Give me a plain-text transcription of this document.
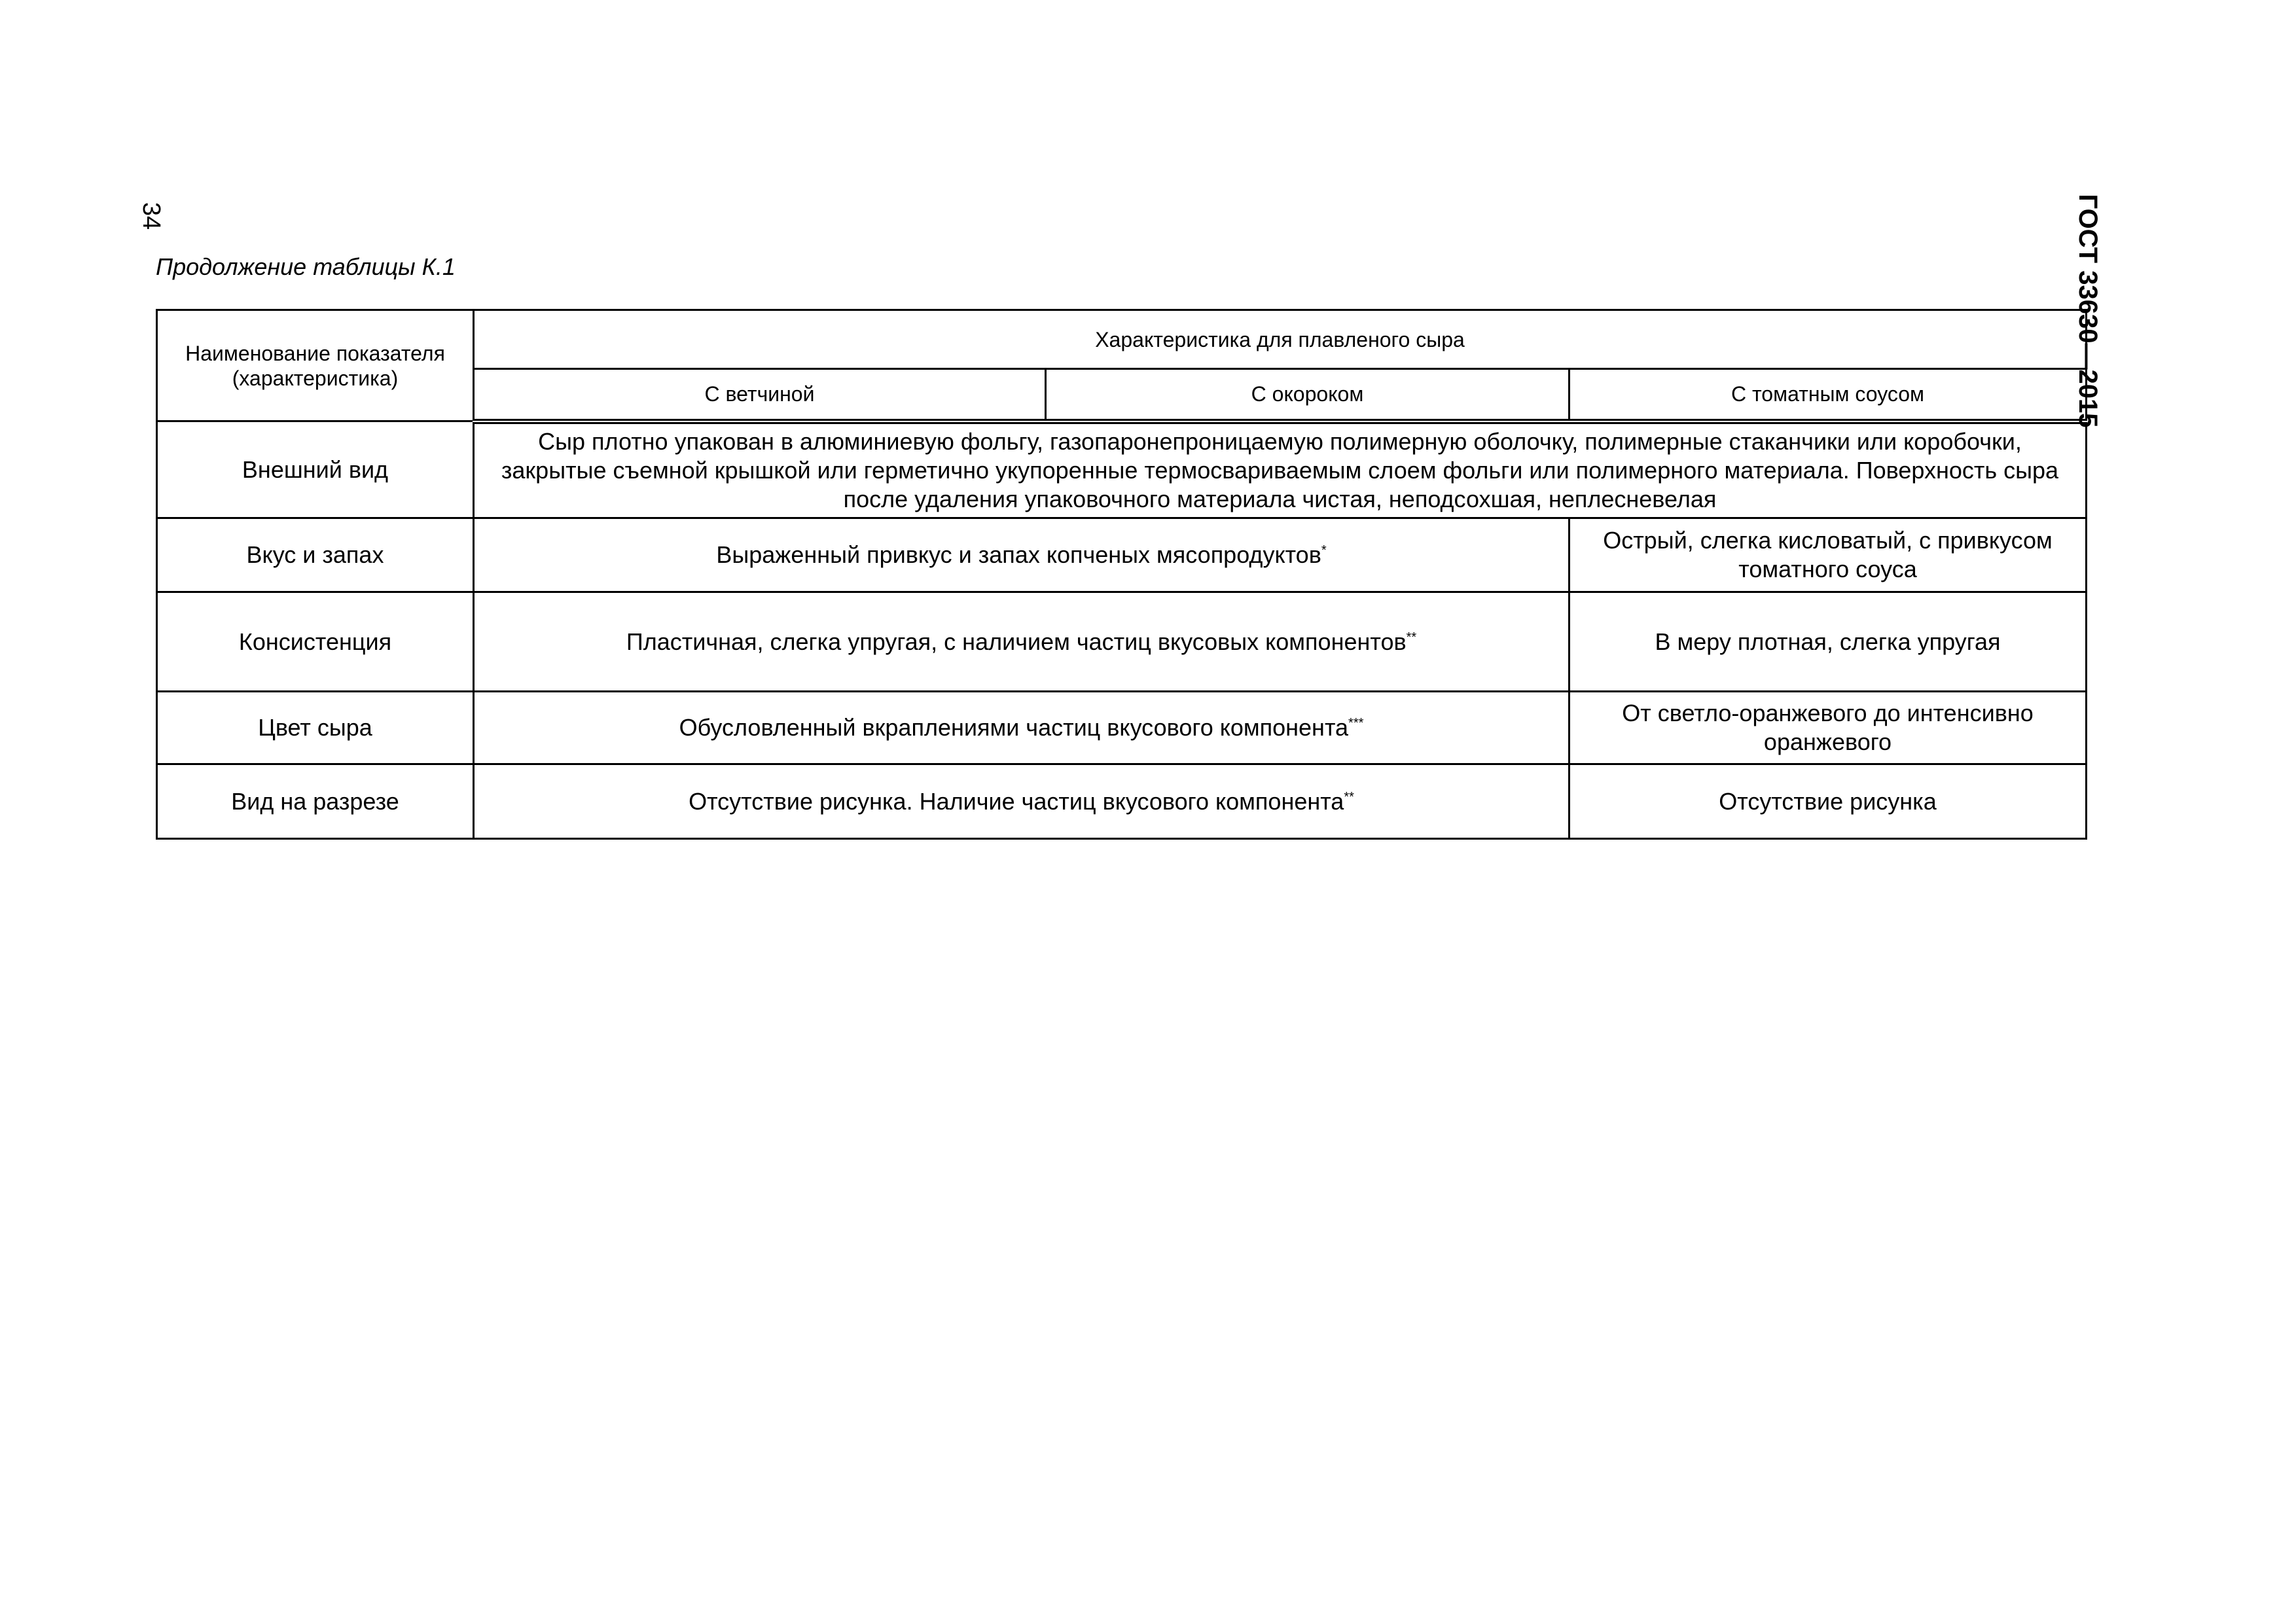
34	ГОСТ 33630—2015
Продолжение таблицы К.1
Наименование показателя (характеристика)	Характеристика для плавленого сыра		
	С ветчиной	С окороком	С томатным соусом
Внешний вид	Сыр плотно упакован в алюминиевую фольгу, газопаронепроницаемую полимерную оболочку, полимерные стаканчики или коробочки, закрытые съемной крышкой или герметично укупоренные термосвариваемым слоем фольги или полимерного материала. Поверхность сыра после удаления упаковочного материала чистая, неподсохшая, неплесневелая		
Вкус и запах	Выраженный привкус и запах копченых мясопродуктов*		Острый, слегка кисловатый, с привкусом томатного соуса
Консистенция	Пластичная, слегка упругая, с наличием частиц вкусовых компонентов**		В меру плотная, слегка упругая
Цвет сыра	Обусловленный вкраплениями частиц вкусового компонента***		От светло-оранжевого до интенсивно оранжевого
Вид на разрезе	Отсутствие рисунка. Наличие частиц вкусового компонента**		Отсутствие рисунка
